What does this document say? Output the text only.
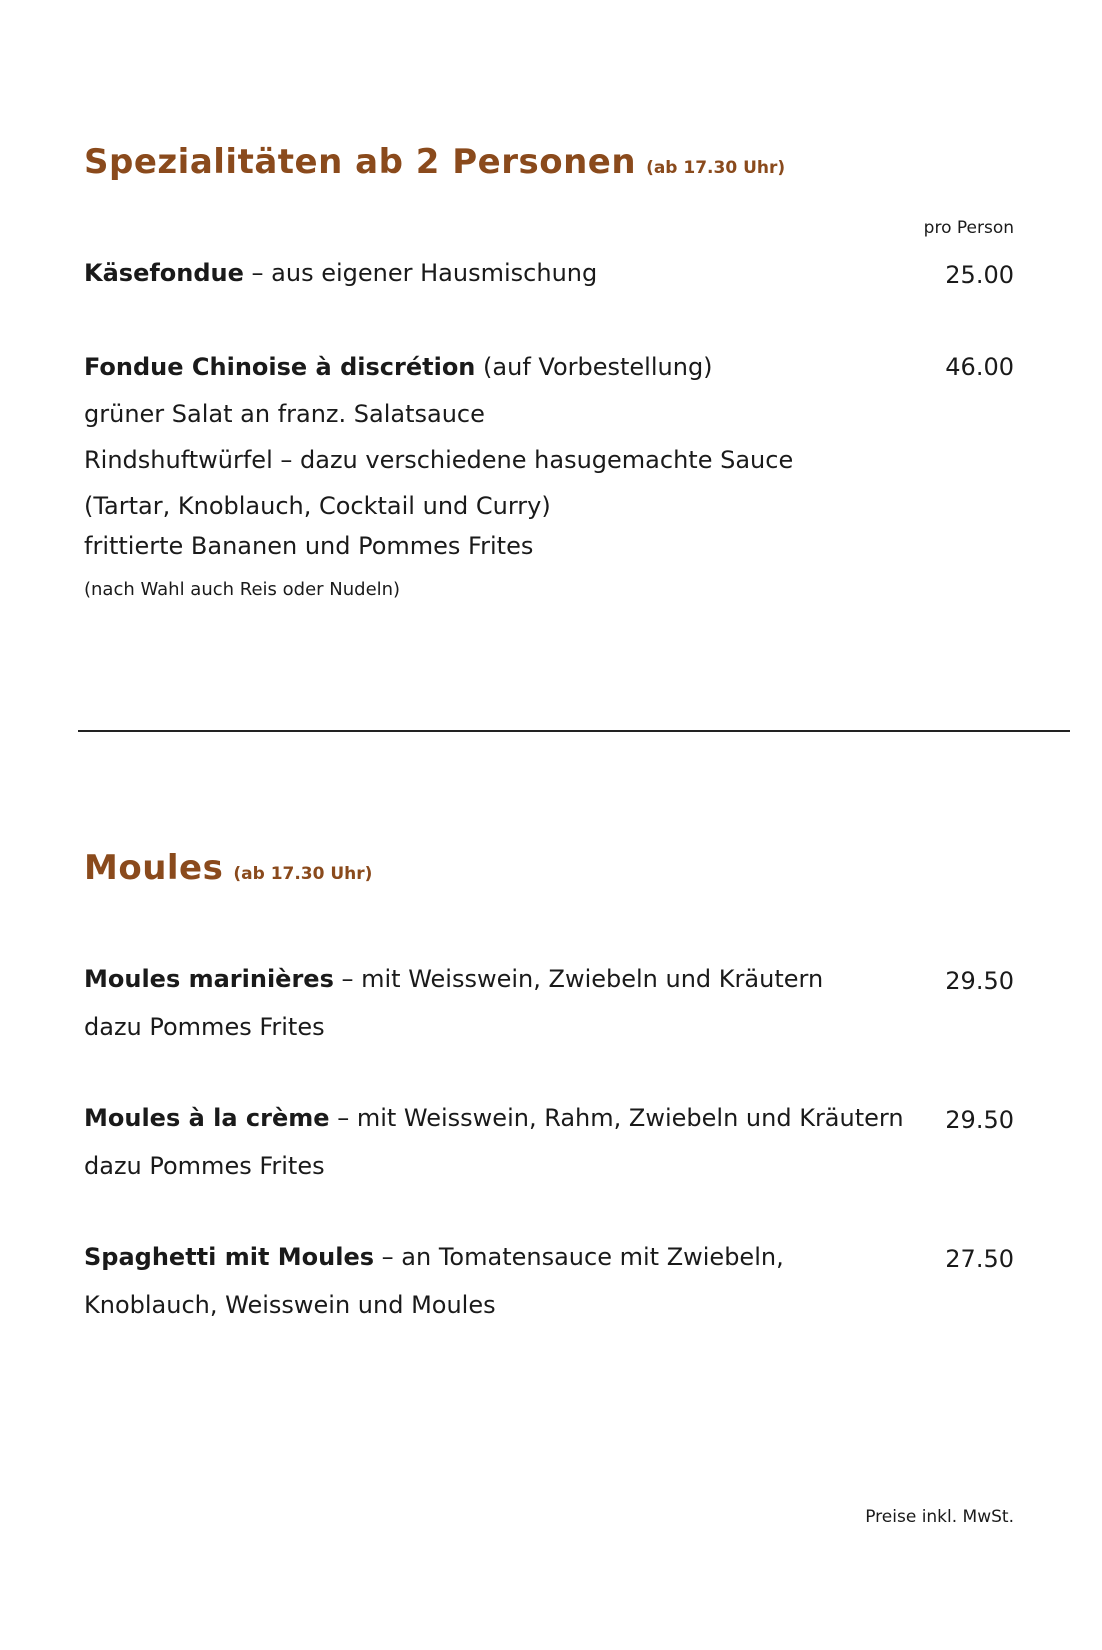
Spezialitäten ab 2 Personen (ab 17.30 Uhr)
pro Person
Käsefondue – aus eigener Hausmischung	25.00
Fondue Chinoise à discrétion (auf Vorbestellung)	46.00
grüner Salat an franz. Salatsauce
Rindshuftwürfel – dazu verschiedene hasugemachte Sauce
(Tartar, Knoblauch, Cocktail und Curry)
frittierte Bananen und Pommes Frites
(nach Wahl auch Reis oder Nudeln)
Moules (ab 17.30 Uhr)
Moules marinières – mit Weisswein, Zwiebeln und Kräutern	29.50
dazu Pommes Frites
Moules à la crème – mit Weisswein, Rahm, Zwiebeln und Kräutern 29.50
dazu Pommes Frites
Spaghetti mit Moules – an Tomatensauce mit Zwiebeln,	27.50
Knoblauch, Weisswein und Moules
Preise inkl. MwSt.
